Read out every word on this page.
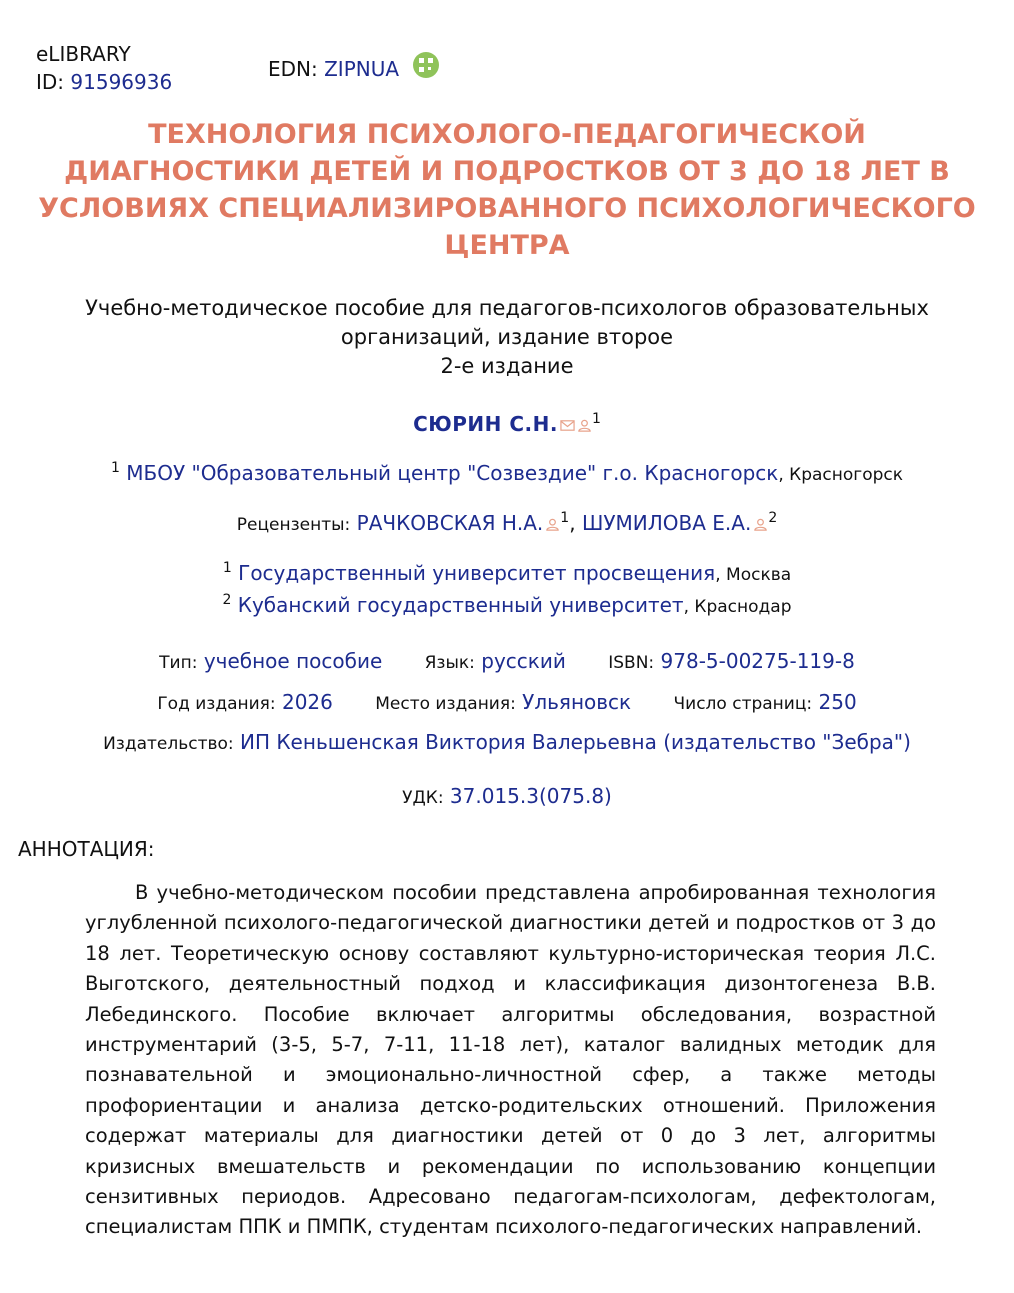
eLIBRARY
ID: 91596936
EDN: ZIPNUA
ТЕХНОЛОГИЯ ПСИХОЛОГО-ПЕДАГОГИЧЕСКОЙ
ДИАГНОСТИКИ ДЕТЕЙ И ПОДРОСТКОВ ОТ 3 ДО 18 ЛЕТ В
УСЛОВИЯХ СПЕЦИАЛИЗИРОВАННОГО ПСИХОЛОГИЧЕСКОГО
ЦЕНТРА
Учебно-методическое пособие для педагогов-психологов образовательных
организаций, издание второе
2-е издание
СЮРИН С.Н. $^1$
$^1$ МБОУ "Образовательный центр "Созвездие" г.о. Красногорск, Красногорск
Рецензенты: РАЧКОВСКАЯ Н.А. $^1$, ШУМИЛОВА Е.А. $^2$
$^1$ Государственный университет просвещения, Москва
$^2$ Кубанский государственный университет, Краснодар
Тип: учебное пособие Язык: русский ISBN: 978-5-00275-119-8
Год издания: 2026 Место издания: Ульяновск Число страниц: 250
Издательство: ИП Кеньшенская Виктория Валерьевна (издательство "Зебра")
УДК: 37.015.3(075.8)
АННОТАЦИЯ:

В учебно-методическом пособии представлена апробированная технология углубленной психолого-педагогической диагностики детей и подростков от 3 до 18 лет. Теоретическую основу составляют культурно-историческая теория Л.С. Выготского, деятельностный подход и классификация дизонтогенеза В.В. Лебединского. Пособие включает алгоритмы обследования, возрастной инструментарий (3-5, 5-7, 7-11, 11-18 лет), каталог валидных методик для познавательной и эмоционально-личностной сфер, а также методы профориентации и анализа детско-родительских отношений. Приложения содержат материалы для диагностики детей от 0 до 3 лет, алгоритмы кризисных вмешательств и рекомендации по использованию концепции сензитивных периодов. Адресовано педагогам-психологам, дефектологам, специалистам ППК и ПМПК, студентам психолого-педагогических направлений.
